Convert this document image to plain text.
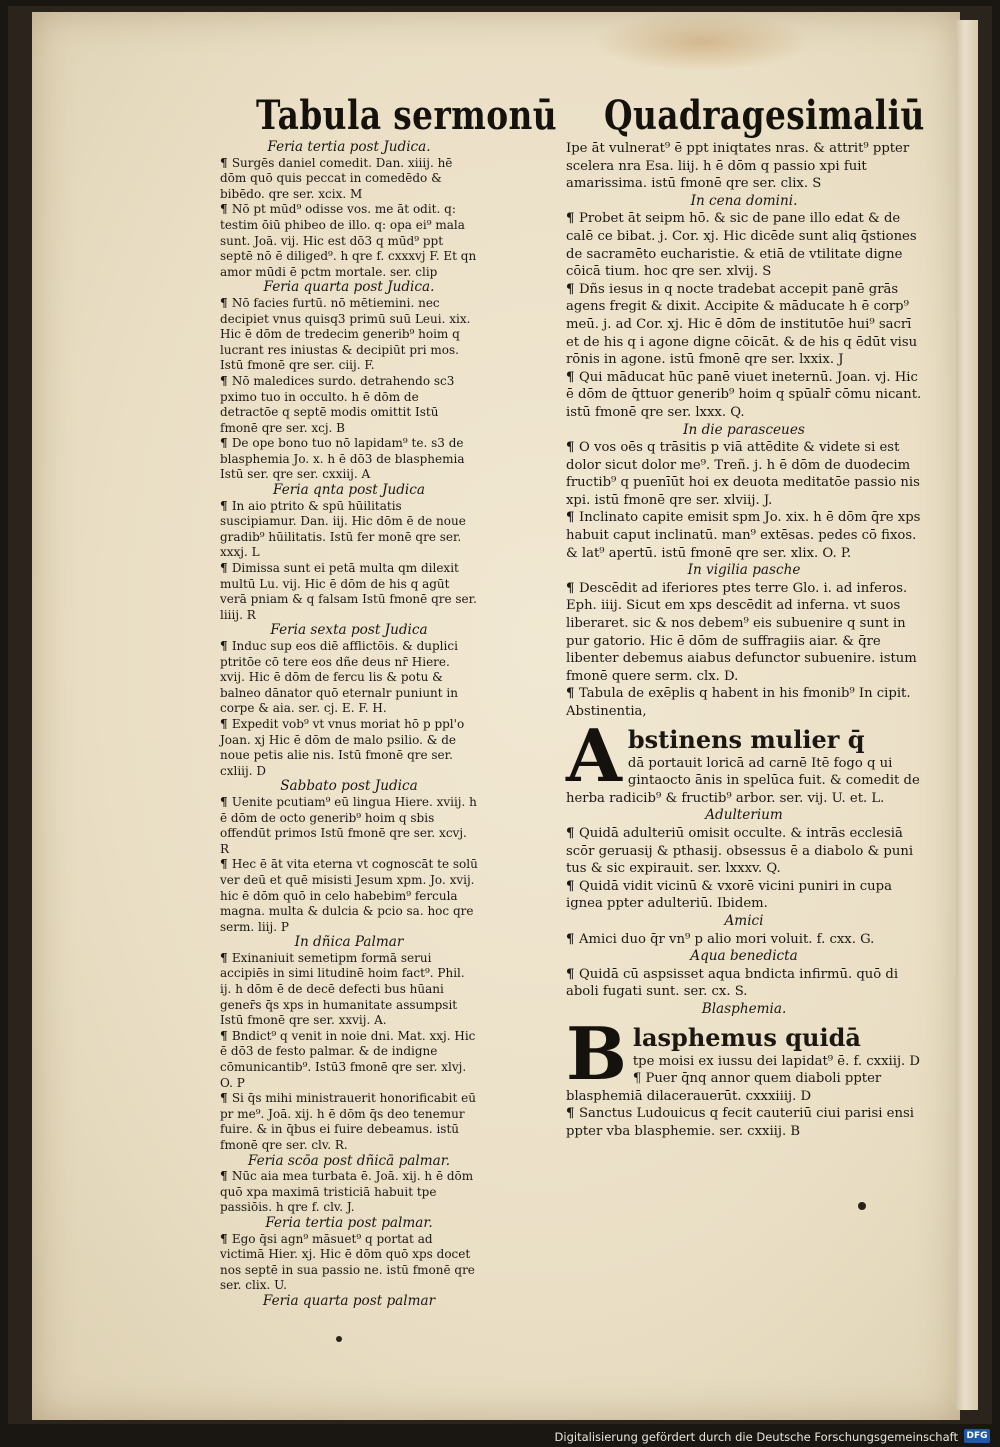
Tabula sermonū Quadragesimaliū
Feria tertia post Judica.
¶ Surgēs daniel comedit. Dan. xiiij. hē dōm quō quis peccat in comedēdo & bibēdo. qre ser. xcix. M
¶ Nō pt mūd⁹ odisse vos. me āt odit. q: testim ōiū phibeo de illo. q: opa ei⁹ mala sunt. Joā. vij. Hic est dō3 q mūd⁹ ppt septē nō ē diliged⁹. h qre f. cxxxvj F. Et qn amor mūdi ē pctm mortale. ser. clip
Feria quarta post Judica.
¶ Nō facies furtū. nō mētiemini. nec decipiet vnus quisq3 primū suū Leui. xix. Hic ē dōm de tredecim generib⁹ hoim q lucrant res iniustas & decipiūt pri mos. Istū fmonē qre ser. ciij. F.
¶ Nō maledices surdo. detrahendo sc3 pximo tuo in occulto. h ē dōm de detractōe q septē modis omittit Istū fmonē qre ser. xcj. B
¶ De ope bono tuo nō lapidam⁹ te. s3 de blasphemia Jo. x. h ē dō3 de blasphemia Istū ser. qre ser. cxxiij. A
Feria qnta post Judica
¶ In aio ptrito & spū hūilitatis suscipiamur. Dan. iij. Hic dōm ē de noue gradib⁹ hūilitatis. Istū fer monē qre ser. xxxj. L
¶ Dimissa sunt ei petā multa qm dilexit multū Lu. vij. Hic ē dōm de his q agūt verā pniam & q falsam Istū fmonē qre ser. liiij. R
Feria sexta post Judica
¶ Induc sup eos diē afflictōis. & duplici ptritōe cō tere eos dñe deus nr̄ Hiere. xvij. Hic ē dōm de fercu lis & potu & balneo dānator quō eternalr puniunt in corpe & aia. ser. cj. E. F. H.
¶ Expedit vob⁹ vt vnus moriat hō p ppl'o Joan. xj Hic ē dōm de malo psilio. & de noue petis alie nis. Istū fmonē qre ser. cxliij. D
Sabbato post Judica
¶ Uenite pcutiam⁹ eū lingua Hiere. xviij. h ē dōm de octo generib⁹ hoim q sbis offendūt primos Istū fmonē qre ser. xcvj. R
¶ Hec ē āt vita eterna vt cognoscāt te solū ver deū et quē misisti Jesum xpm. Jo. xvij. hic ē dōm quō in celo habebim⁹ fercula magna. multa & dulcia & pcio sa. hoc qre serm. liij. P
In dñica Palmar
¶ Exinaniuit semetipm formā serui accipiēs in simi litudinē hoim fact⁹. Phil. ij. h dōm ē de decē defecti bus hūani gener̄s q̄s xps in humanitate assumpsit Istū fmonē qre ser. xxvij. A.
¶ Bndict⁹ q venit in noie dni. Mat. xxj. Hic ē dō3 de festo palmar. & de indigne cōmunicantib⁹. Istū3 fmonē qre ser. xlvj. O. P
¶ Si q̄s mihi ministrauerit honorificabit eū pr me⁹. Joā. xij. h ē dōm q̄s deo tenemur fuire. & in q̄bus ei fuire debeamus. istū fmonē qre ser. clv. R.
Feria scōa post dñicā palmar.
¶ Nūc aia mea turbata ē. Joā. xij. h ē dōm quō xpa maximā tristiciā habuit tpe passiōis. h qre f. clv. J.
Feria tertia post palmar.
¶ Ego q̄si agn⁹ māsuet⁹ q portat ad victimā Hier. xj. Hic ē dōm quō xps docet nos septē in sua passio ne. istū fmonē qre ser. clix. U.
Feria quarta post palmar
Ipe āt vulnerat⁹ ē ppt iniqtates nras. & attrit⁹ ppter scelera nra Esa. liij. h ē dōm q passio xpi fuit amarissima. istū fmonē qre ser. clix. S
In cena domini.
¶ Probet āt seipm hō. & sic de pane illo edat & de calē ce bibat. j. Cor. xj. Hic dicēde sunt aliq q̄stiones de sacramēto eucharistie. & etiā de vtilitate digne cōicā tium. hoc qre ser. xlvij. S
¶ Dñs iesus in q nocte tradebat accepit panē grās agens fregit & dixit. Accipite & māducate h ē corp⁹ meū. j. ad Cor. xj. Hic ē dōm de institutōe hui⁹ sacrī et de his q i agone digne cōicāt. & de his q ēdūt visu rōnis in agone. istū fmonē qre ser. lxxix. J
¶ Qui māducat hūc panē viuet ineternū. Joan. vj. Hic ē dōm de q̄ttuor generib⁹ hoim q spūalr̄ cōmu nicant. istū fmonē qre ser. lxxx. Q.
In die parasceues
¶ O vos oēs q trāsitis p viā attēdite & videte si est dolor sicut dolor me⁹. Treñ. j. h ē dōm de duodecim fructib⁹ q puenīūt hoi ex deuota meditatōe passio nis xpi. istū fmonē qre ser. xlviij. J.
¶ Inclinato capite emisit spm Jo. xix. h ē dōm q̄re xps habuit caput inclinatū. man⁹ extēsas. pedes cō fixos. & lat⁹ apertū. istū fmonē qre ser. xlix. O. P.
In vigilia pasche
¶ Descēdit ad iferiores ptes terre Glo. i. ad inferos. Eph. iiij. Sicut em xps descēdit ad inferna. vt suos liberaret. sic & nos debem⁹ eis subuenire q sunt in pur gatorio. Hic ē dōm de suffragiis aiar. & q̄re libenter debemus aiabus defunctor subuenire. istum fmonē quere serm. clx. D.
¶ Tabula de exēplis q habent in his fmonib⁹ In cipit. Abstinentia,
A bstinens mulier q̄
dā portauit loricā ad carnē Itē fogo q ui gintaocto ānis in spelūca fuit. & comedit de herba radicib⁹ & fructib⁹ arbor. ser. vij. U. et. L.
Adulterium
¶ Quidā adulteriū omisit occulte. & intrās ecclesiā scōr geruasij & pthasij. obsessus ē a diabolo & puni tus & sic expirauit. ser. lxxxv. Q.
¶ Quidā vidit vicinū & vxorē vicini puniri in cupa ignea ppter adulteriū. Ibidem.
Amici
¶ Amici duo q̄r vn⁹ p alio mori voluit. f. cxx. G.
Aqua benedicta
¶ Quidā cū aspsisset aqua bndicta infirmū. quō di aboli fugati sunt. ser. cx. S.
Blasphemia.
B lasphemus quidā
tpe moisi ex iussu dei lapidat⁹ ē. f. cxxiij. D ¶ Puer q̄nq annor quem diaboli ppter blasphemiā dilacerauerūt. cxxxiiij. D
¶ Sanctus Ludouicus q fecit cauteriū ciui parisi ensi ppter vba blasphemie. ser. cxxiij. B
Digitalisierung gefördert durch die Deutsche Forschungsgemeinschaft DFG
